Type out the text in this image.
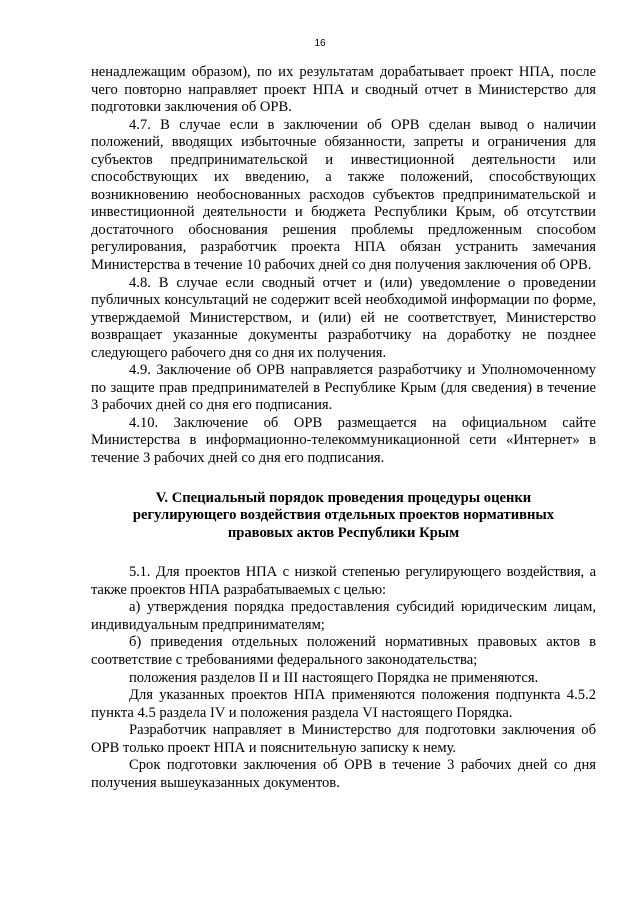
16

ненадлежащим образом), по их результатам дорабатывает проект НПА, после чего повторно направляет проект НПА и сводный отчет в Министерство для подготовки заключения об ОРВ.

4.7. В случае если в заключении об ОРВ сделан вывод о наличии положений, вводящих избыточные обязанности, запреты и ограничения для субъектов предпринимательской и инвестиционной деятельности или способствующих их введению, а также положений, способствующих возникновению необоснованных расходов субъектов предпринимательской и инвестиционной деятельности и бюджета Республики Крым, об отсутствии достаточного обоснования решения проблемы предложенным способом регулирования, разработчик проекта НПА обязан устранить замечания Министерства в течение 10 рабочих дней со дня получения заключения об ОРВ.

4.8. В случае если сводный отчет и (или) уведомление о проведении публичных консультаций не содержит всей необходимой информации по форме, утверждаемой Министерством, и (или) ей не соответствует, Министерство возвращает указанные документы разработчику на доработку не позднее следующего рабочего дня со дня их получения.

4.9. Заключение об ОРВ направляется разработчику и Уполномоченному по защите прав предпринимателей в Республике Крым (для сведения) в течение 3 рабочих дней со дня его подписания.

4.10. Заключение об ОРВ размещается на официальном сайте Министерства в информационно-телекоммуникационной сети «Интернет» в течение 3 рабочих дней со дня его подписания.

V. Специальный порядок проведения процедуры оценки
регулирующего воздействия отдельных проектов нормативных
правовых актов Республики Крым

5.1. Для проектов НПА с низкой степенью регулирующего воздействия, а также проектов НПА разрабатываемых с целью:

а) утверждения порядка предоставления субсидий юридическим лицам, индивидуальным предпринимателям;

б) приведения отдельных положений нормативных правовых актов в соответствие с требованиями федерального законодательства;

положения разделов II и III настоящего Порядка не применяются.

Для указанных проектов НПА применяются положения подпункта 4.5.2 пункта 4.5 раздела IV и положения раздела VI настоящего Порядка.

Разработчик направляет в Министерство для подготовки заключения об ОРВ только проект НПА и пояснительную записку к нему.

Срок подготовки заключения об ОРВ в течение 3 рабочих дней со дня получения вышеуказанных документов.
